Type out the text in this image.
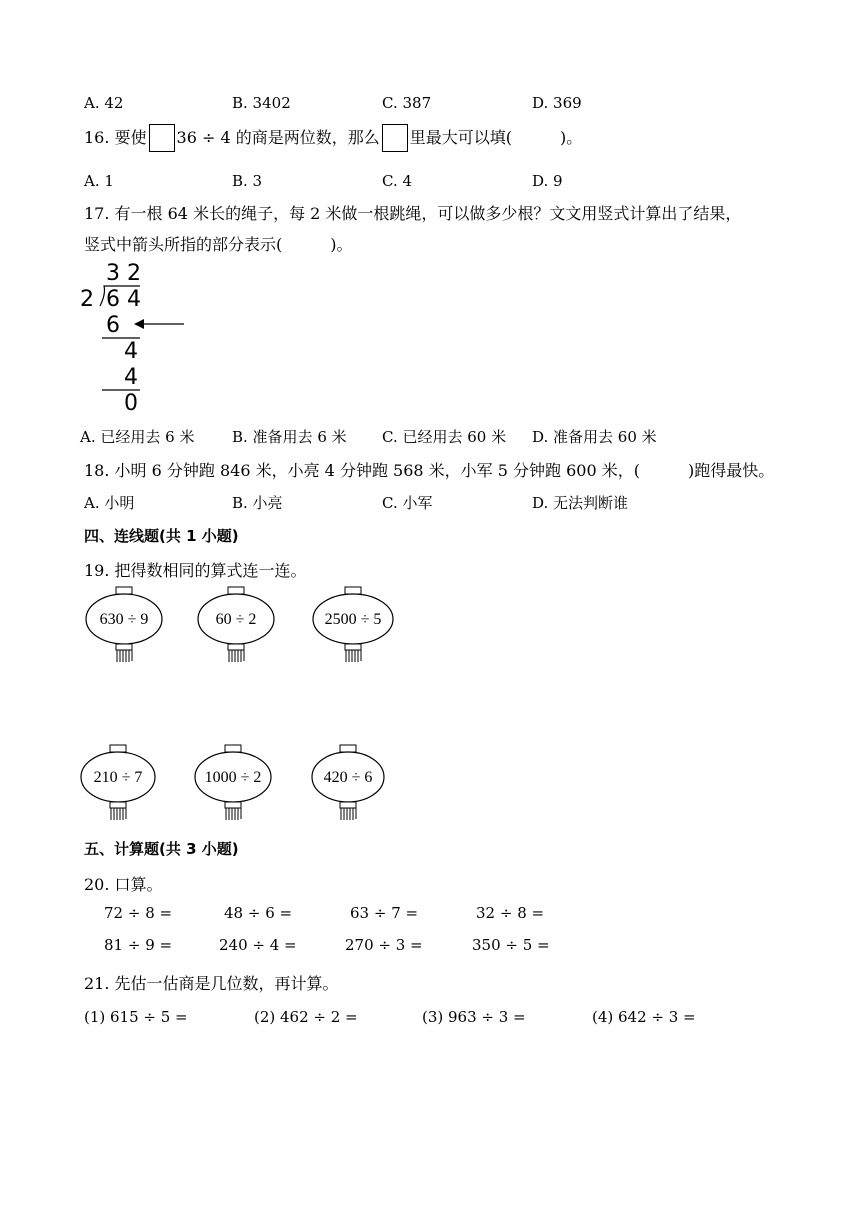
A. 42	B. 3402	C. 387	D. 369
16. 要使 36 ÷ 4 的商是两位数，那么 里最大可以填(　　　)。
A. 1	B. 3	C. 4	D. 9
17. 有一根 64 米长的绳子，每 2 米做一根跳绳，可以做多少根？文文用竖式计算出了结果，
竖式中箭头所指的部分表示(　　　)。
3 2
2 6 4
6
4
4
0
A. 已经用去 6 米	B. 准备用去 6 米 C. 已经用去 60 米 D. 准备用去 60 米
18. 小明 6 分钟跑 846 米，小亮 4 分钟跑 568 米，小军 5 分钟跑 600 米，(　　　)跑得最快。
A. 小明	B. 小亮	C. 小军	D. 无法判断谁
四、连线题(共 1 小题)
19. 把得数相同的算式连一连。
630 ÷ 9	60 ÷ 2	2500 ÷ 5
210 ÷ 7	1000 ÷ 2	420 ÷ 6
五、计算题(共 3 小题)
20. 口算。
72 ÷ 8 =	48 ÷ 6 =	63 ÷ 7 =	32 ÷ 8 =
81 ÷ 9 =	240 ÷ 4 =	270 ÷ 3 =	350 ÷ 5 =
21. 先估一估商是几位数，再计算。
(1) 615 ÷ 5 =	(2) 462 ÷ 2 =	(3) 963 ÷ 3 =	(4) 642 ÷ 3 =
